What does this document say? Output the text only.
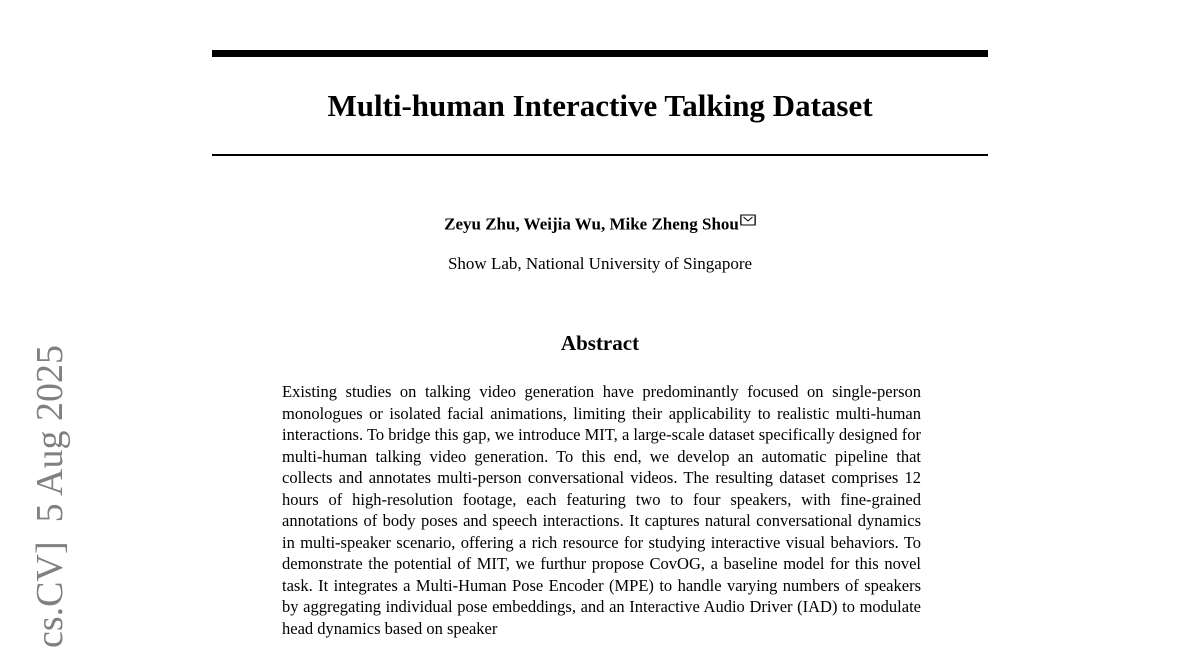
Multi-human Interactive Talking Dataset
Zeyu Zhu, Weijia Wu, Mike Zheng Shou
Show Lab, National University of Singapore
Abstract

Existing studies on talking video generation have predominantly focused on single-person monologues or isolated facial animations, limiting their applicability to realistic multi-human interactions. To bridge this gap, we introduce MIT, a large-scale dataset specifically designed for multi-human talking video generation. To this end, we develop an automatic pipeline that collects and annotates multi-person conversational videos. The resulting dataset comprises 12 hours of high-resolution footage, each featuring two to four speakers, with fine-grained annotations of body poses and speech interactions. It captures natural conversational dynamics in multi-speaker scenario, offering a rich resource for studying interactive visual behaviors. To demonstrate the potential of MIT, we furthur propose CovOG, a baseline model for this novel task. It integrates a Multi-Human Pose Encoder (MPE) to handle varying numbers of speakers by aggregating individual pose embeddings, and an Interactive Audio Driver (IAD) to modulate head dynamics based on speaker

cs.CV]  5 Aug 2025
